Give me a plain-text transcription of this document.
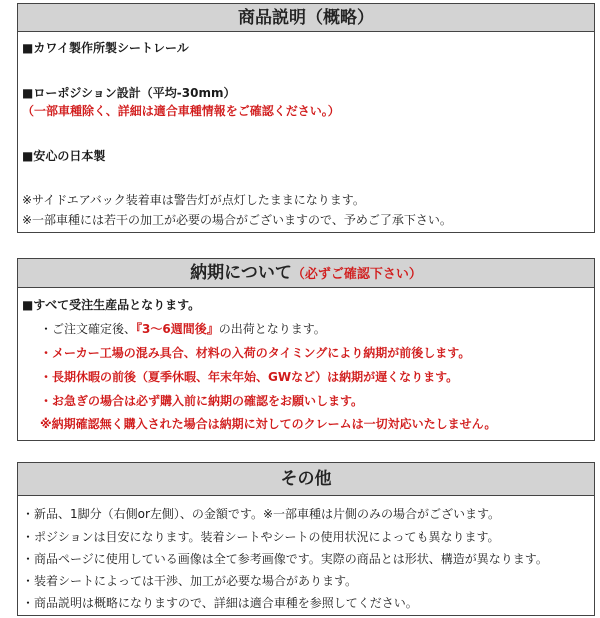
商品説明（概略）
■カワイ製作所製シートレール
■ローポジション設計（平均-30mm）
（一部車種除く、詳細は適合車種情報をご確認ください。）
■安心の日本製
※サイドエアバック装着車は警告灯が点灯したままになります。
※一部車種には若干の加工が必要の場合がございますので、予めご了承下さい。
納期について（必ずご確認下さい）
■すべて受注生産品となります。
・ご注文確定後、『3～6週間後』の出荷となります。
・メーカー工場の混み具合、材料の入荷のタイミングにより納期が前後します。
・長期休暇の前後（夏季休暇、年末年始、GWなど）は納期が遅くなります。
・お急ぎの場合は必ず購入前に納期の確認をお願いします。
※納期確認無く購入された場合は納期に対してのクレームは一切対応いたしません。
その他
・新品、1脚分（右側or左側）、の金額です。※一部車種は片側のみの場合がございます。
・ポジションは目安になります。装着シートやシートの使用状況によっても異なります。
・商品ページに使用している画像は全て参考画像です。実際の商品とは形状、構造が異なります。
・装着シートによっては干渉、加工が必要な場合があります。
・商品説明は概略になりますので、詳細は適合車種を参照してください。
